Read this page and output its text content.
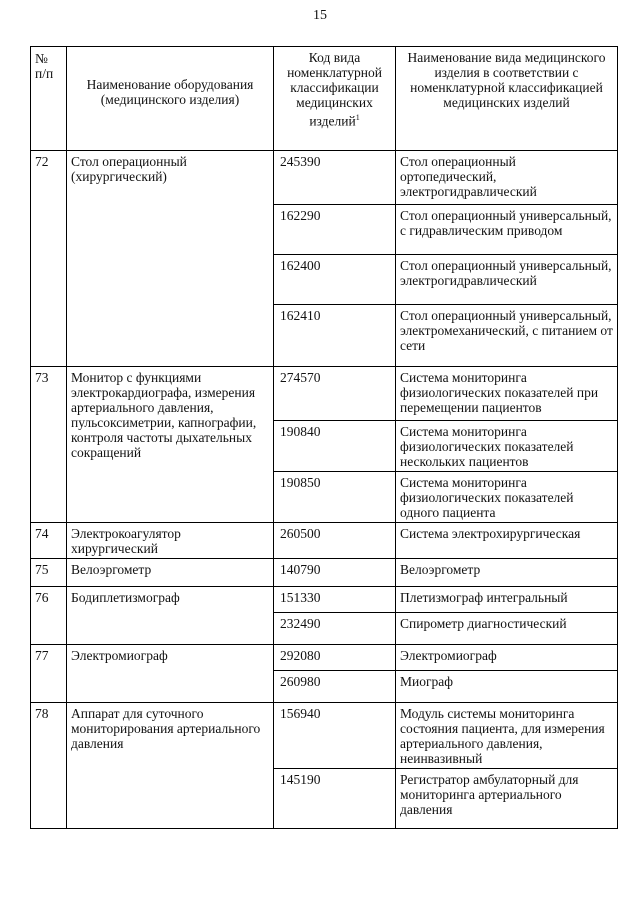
15
№
п/п	Наименование оборудования (медицинского изделия)	Код вида номенклатурной классификации медицинских изделий$^1$	Наименование вида медицинского изделия в соответствии с номенклатурной классификацией медицинских изделий
72	Стол операционный (хирургический)	245390	Стол операционный ортопедический, электрогидравлический
		162290	Стол операционный универсальный, с гидравлическим приводом
		162400	Стол операционный универсальный, электрогидравлический
		162410	Стол операционный универсальный, электромеханический, с питанием от сети
73	Монитор с функциями электрокардиографа, измерения артериального давления, пульсоксиметрии, капнографии, контроля частоты дыхательных сокращений	274570	Система мониторинга физиологических показателей при перемещении пациентов
		190840	Система мониторинга физиологических показателей нескольких пациентов
		190850	Система мониторинга физиологических показателей одного пациента
74	Электрокоагулятор хирургический	260500	Система электрохирургическая
75	Велоэргометр	140790	Велоэргометр
76	Бодиплетизмограф	151330	Плетизмограф интегральный
		232490	Спирометр диагностический
77	Электромиограф	292080	Электромиограф
		260980	Миограф
78	Аппарат для суточного мониторирования артериального давления	156940	Модуль системы мониторинга состояния пациента, для измерения артериального давления, неинвазивный
		145190	Регистратор амбулаторный для мониторинга артериального давления
